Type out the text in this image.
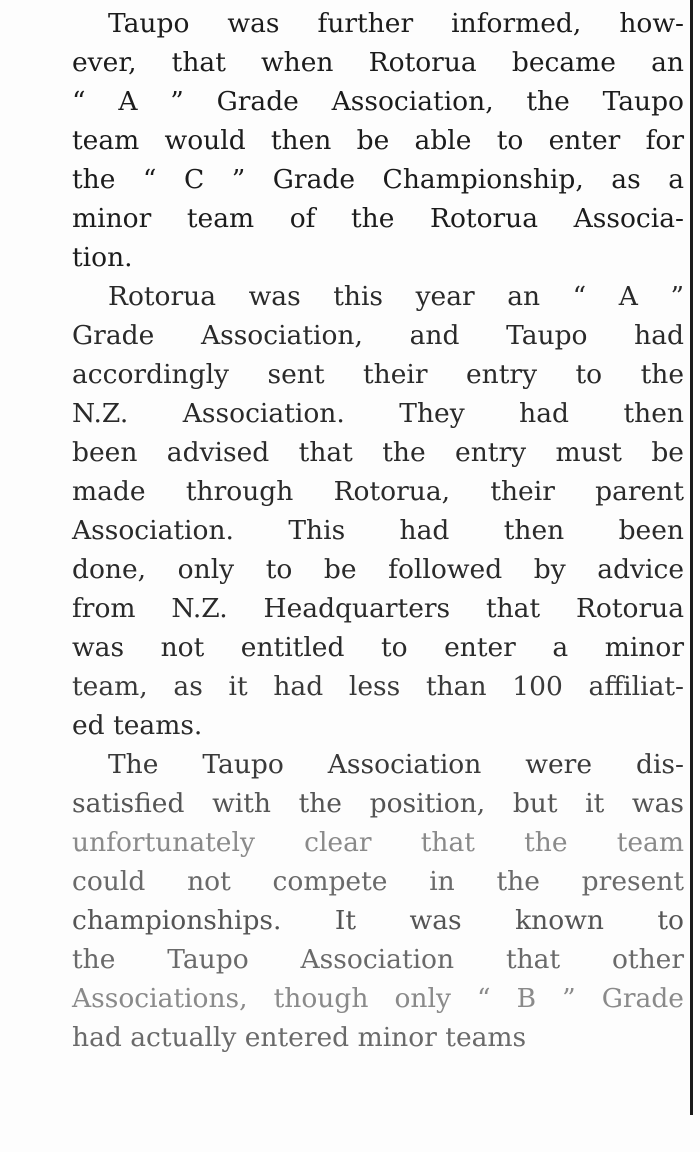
Taupo was further informed, how-
ever, that when Rotorua became an
“ A ” Grade Association, the Taupo
team would then be able to enter for
the “ C ” Grade Championship, as a
minor team of the Rotorua Associa-
tion.
Rotorua was this year an “ A ”
Grade Association, and Taupo had
accordingly sent their entry to the
N.Z. Association. They had then
been advised that the entry must be
made through Rotorua, their parent
Association. This had then been
done, only to be followed by advice
from N.Z. Headquarters that Rotorua
was not entitled to enter a minor
team, as it had less than 100 affiliat-
ed teams.
The Taupo Association were dis-
satisfied with the position, but it was
unfortunately clear that the team
could not compete in the present
championships. It was known to
the Taupo Association that other
Associations, though only “ B ” Grade
had actually entered minor teams
